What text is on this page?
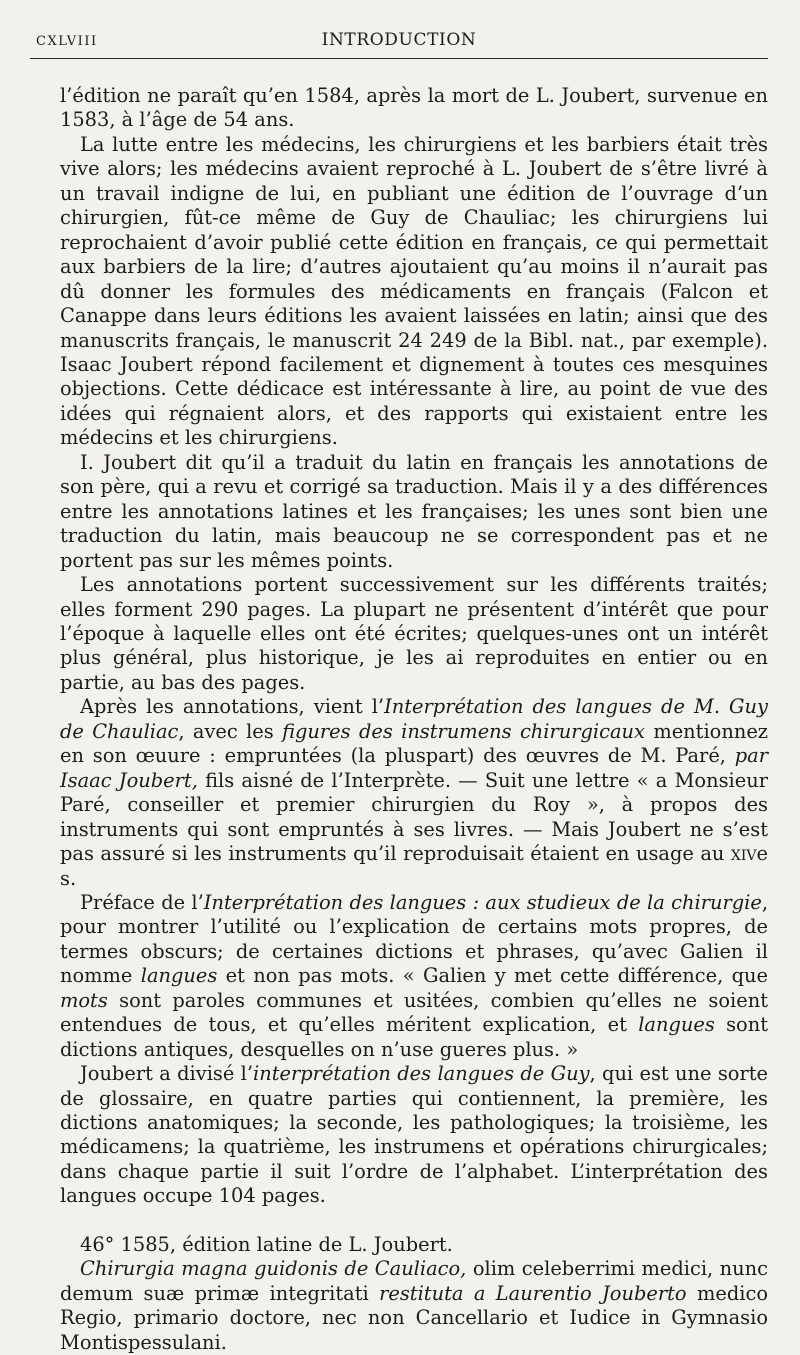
CXLVIII	INTRODUCTION

l’édition ne paraît qu’en 1584, après la mort de L. Joubert, survenue en 1583, à l’âge de 54 ans.

La lutte entre les médecins, les chirurgiens et les barbiers était très vive alors; les médecins avaient reproché à L. Joubert de s’être livré à un travail indigne de lui, en publiant une édition de l’ouvrage d’un chirurgien, fût-ce même de Guy de Chauliac; les chirurgiens lui reprochaient d’avoir publié cette édition en français, ce qui permettait aux barbiers de la lire; d’autres ajoutaient qu’au moins il n’aurait pas dû donner les formules des médicaments en français (Falcon et Canappe dans leurs éditions les avaient laissées en latin; ainsi que des manuscrits français, le manuscrit 24 249 de la Bibl. nat., par exemple). Isaac Joubert répond facilement et dignement à toutes ces mesquines objections. Cette dédicace est intéressante à lire, au point de vue des idées qui régnaient alors, et des rapports qui existaient entre les médecins et les chirurgiens.

I. Joubert dit qu’il a traduit du latin en français les annotations de son père, qui a revu et corrigé sa traduction. Mais il y a des différences entre les annotations latines et les françaises; les unes sont bien une traduction du latin, mais beaucoup ne se correspondent pas et ne portent pas sur les mêmes points.

Les annotations portent successivement sur les différents traités; elles forment 290 pages. La plupart ne présentent d’intérêt que pour l’époque à laquelle elles ont été écrites; quelques-unes ont un intérêt plus général, plus historique, je les ai reproduites en entier ou en partie, au bas des pages.

Après les annotations, vient l’Interprétation des langues de M. Guy de Chauliac, avec les figures des instrumens chirurgicaux mentionnez en son œuure : empruntées (la pluspart) des œuvres de M. Paré, par Isaac Joubert, fils aisné de l’Interprète. — Suit une lettre « a Monsieur Paré, conseiller et premier chirurgien du Roy », à propos des instruments qui sont empruntés à ses livres. — Mais Joubert ne s’est pas assuré si les instruments qu’il reproduisait étaient en usage au xive s.

Préface de l’Interprétation des langues : aux studieux de la chirurgie, pour montrer l’utilité ou l’explication de certains mots propres, de termes obscurs; de certaines dictions et phrases, qu’avec Galien il nomme langues et non pas mots. « Galien y met cette différence, que mots sont paroles communes et usitées, combien qu’elles ne soient entendues de tous, et qu’elles méritent explication, et langues sont dictions antiques, desquelles on n’use gueres plus. »

Joubert a divisé l’interprétation des langues de Guy, qui est une sorte de glossaire, en quatre parties qui contiennent, la première, les dictions anatomiques; la seconde, les pathologiques; la troisième, les médicamens; la quatrième, les instrumens et opérations chirurgicales; dans chaque partie il suit l’ordre de l’alphabet. L’interprétation des langues occupe 104 pages.

46° 1585, édition latine de L. Joubert.

Chirurgia magna guidonis de Cauliaco, olim celeberrimi medici, nunc demum suæ primæ integritati restituta a Laurentio Jouberto medico Regio, primario doctore, nec non Cancellario et Iudice in Gymnasio Montispessulani.
